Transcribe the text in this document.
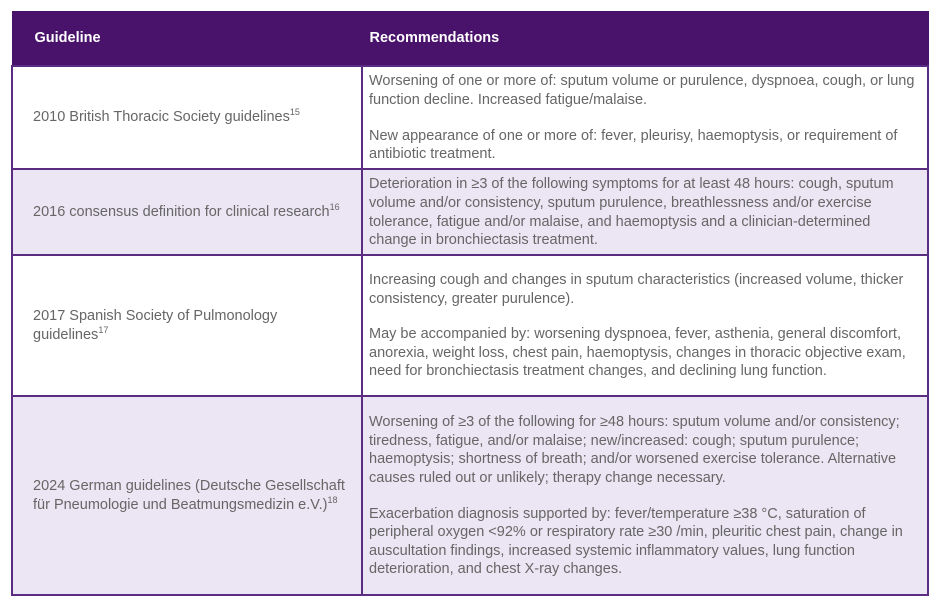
Guideline	Recommendations
2010 British Thoracic Society guidelines$^{15}$	Worsening of one or more of: sputum volume or purulence, dyspnoea, cough, or lung function decline. Increased fatigue/malaise.

New appearance of one or more of: fever, pleurisy, haemoptysis, or requirement of antibiotic treatment.

2016 consensus definition for clinical research$^{16}$	Deterioration in ≥3 of the following symptoms for at least 48 hours: cough, sputum volume and/or consistency, sputum purulence, breathlessness and/or exercise tolerance, fatigue and/or malaise, and haemoptysis and a clinician-determined change in bronchiectasis treatment.

2017 Spanish Society of Pulmonology guidelines$^{17}$	Increasing cough and changes in sputum characteristics (increased volume, thicker consistency, greater purulence).

May be accompanied by: worsening dyspnoea, fever, asthenia, general discomfort, anorexia, weight loss, chest pain, haemoptysis, changes in thoracic objective exam, need for bronchiectasis treatment changes, and declining lung function.

2024 German guidelines (Deutsche Gesellschaft für Pneumologie und Beatmungsmedizin e.V.)$^{18}$	Worsening of ≥3 of the following for ≥48 hours: sputum volume and/or consistency; tiredness, fatigue, and/or malaise; new/increased: cough; sputum purulence; haemoptysis; shortness of breath; and/or worsened exercise tolerance. Alternative causes ruled out or unlikely; therapy change necessary.

Exacerbation diagnosis supported by: fever/temperature ≥38 °C, saturation of peripheral oxygen <92% or respiratory rate ≥30 /min, pleuritic chest pain, change in auscultation findings, increased systemic inflammatory values, lung function deterioration, and chest X-ray changes.
